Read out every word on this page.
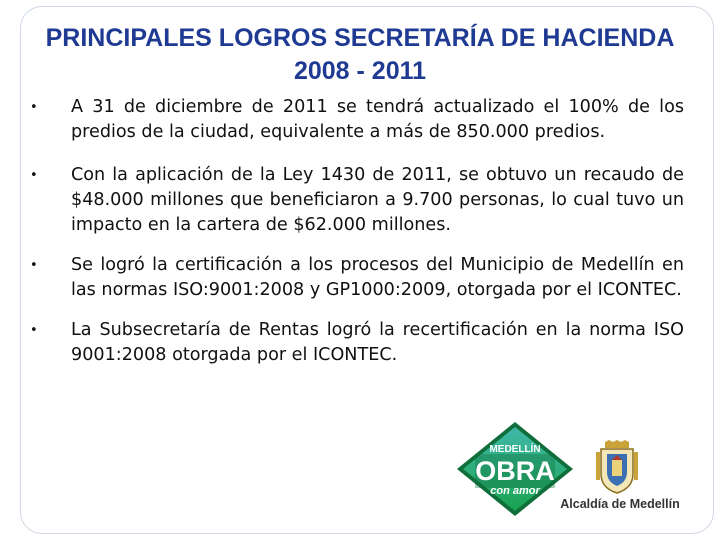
PRINCIPALES LOGROS SECRETARÍA DE HACIENDA
2008 - 2011
•	A 31 de diciembre de 2011 se tendrá actualizado el 100% de los predios de la ciudad, equivalente a más de 850.000 predios.
•	Con la aplicación de la Ley 1430 de 2011, se obtuvo un recaudo de $48.000 millones que beneficiaron a 9.700 personas, lo cual tuvo un impacto en la cartera de $62.000 millones.
•	Se logró la certificación a los procesos del Municipio de Medellín en las normas ISO:9001:2008 y GP1000:2009, otorgada por el ICONTEC.
•	La Subsecretaría de Rentas logró la recertificación en la norma ISO 9001:2008 otorgada por el ICONTEC.
MEDELLÍN
OBRA
con amor
Alcaldía de Medellín
